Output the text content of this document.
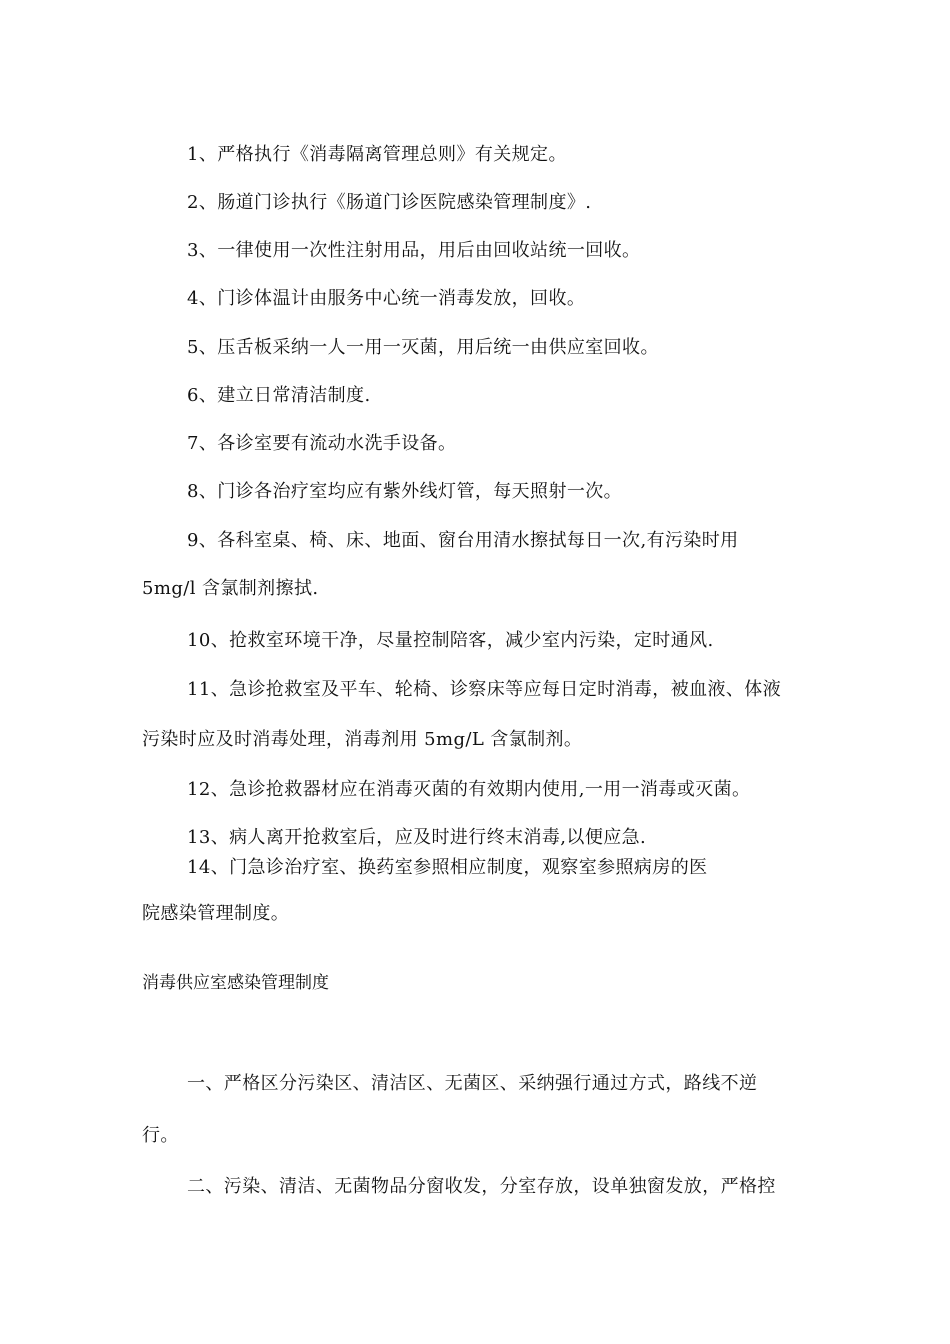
1、严格执行《消毒隔离管理总则》有关规定。
2、肠道门诊执行《肠道门诊医院感染管理制度》.
3、一律使用一次性注射用品，用后由回收站统一回收。
4、门诊体温计由服务中心统一消毒发放，回收。
5、压舌板采纳一人一用一灭菌，用后统一由供应室回收。
6、建立日常清洁制度.
7、各诊室要有流动水洗手设备。
8、门诊各治疗室均应有紫外线灯管，每天照射一次。
9、各科室桌、椅、床、地面、窗台用清水擦拭每日一次,有污染时用
5mg/l 含氯制剂擦拭.
10、抢救室环境干净，尽量控制陪客，减少室内污染，定时通风.
11、急诊抢救室及平车、轮椅、诊察床等应每日定时消毒，被血液、体液
污染时应及时消毒处理，消毒剂用 5mg/L 含氯制剂。
12、急诊抢救器材应在消毒灭菌的有效期内使用,一用一消毒或灭菌。
13、病人离开抢救室后，应及时进行终末消毒,以便应急.
14、门急诊治疗室、换药室参照相应制度，观察室参照病房的医
院感染管理制度。
消毒供应室感染管理制度
一、严格区分污染区、清洁区、无菌区、采纳强行通过方式，路线不逆
行。
二、污染、清洁、无菌物品分窗收发，分室存放，设单独窗发放，严格控
